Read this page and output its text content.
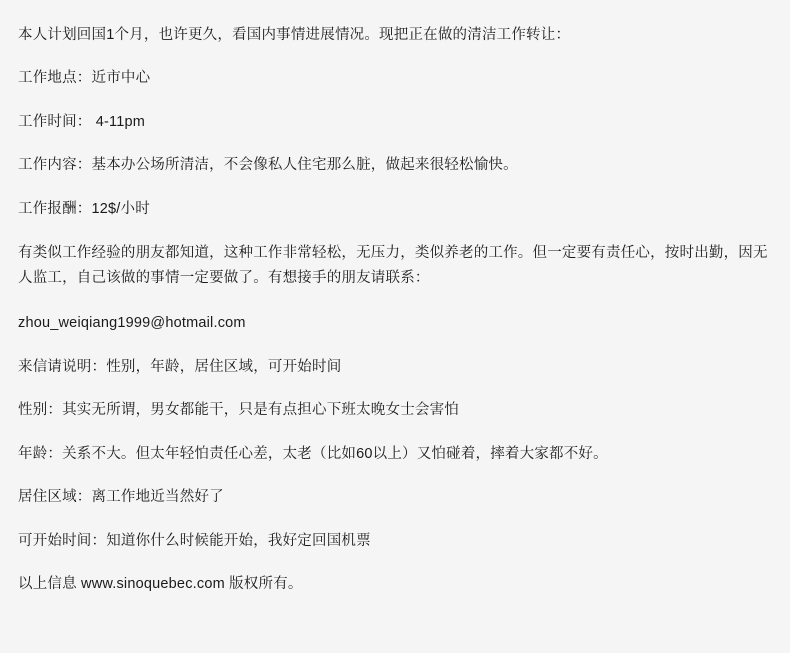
本人计划回国1个月，也许更久，看国内事情进展情况。现把正在做的清洁工作转让：

工作地点：近市中心

工作时间： 4-11pm

工作内容：基本办公场所清洁，不会像私人住宅那么脏，做起来很轻松愉快。

工作报酬：12$/小时

有类似工作经验的朋友都知道，这种工作非常轻松，无压力，类似养老的工作。但一定要有责任心，按时出勤，因无人监工，自己该做的事情一定要做了。有想接手的朋友请联系：

zhou_weiqiang1999@hotmail.com

来信请说明：性别，年龄，居住区域，可开始时间

性别：其实无所谓，男女都能干，只是有点担心下班太晚女士会害怕

年龄：关系不大。但太年轻怕责任心差，太老（比如60以上）又怕碰着，摔着大家都不好。

居住区域：离工作地近当然好了

可开始时间：知道你什么时候能开始，我好定回国机票

以上信息 www.sinoquebec.com 版权所有。
